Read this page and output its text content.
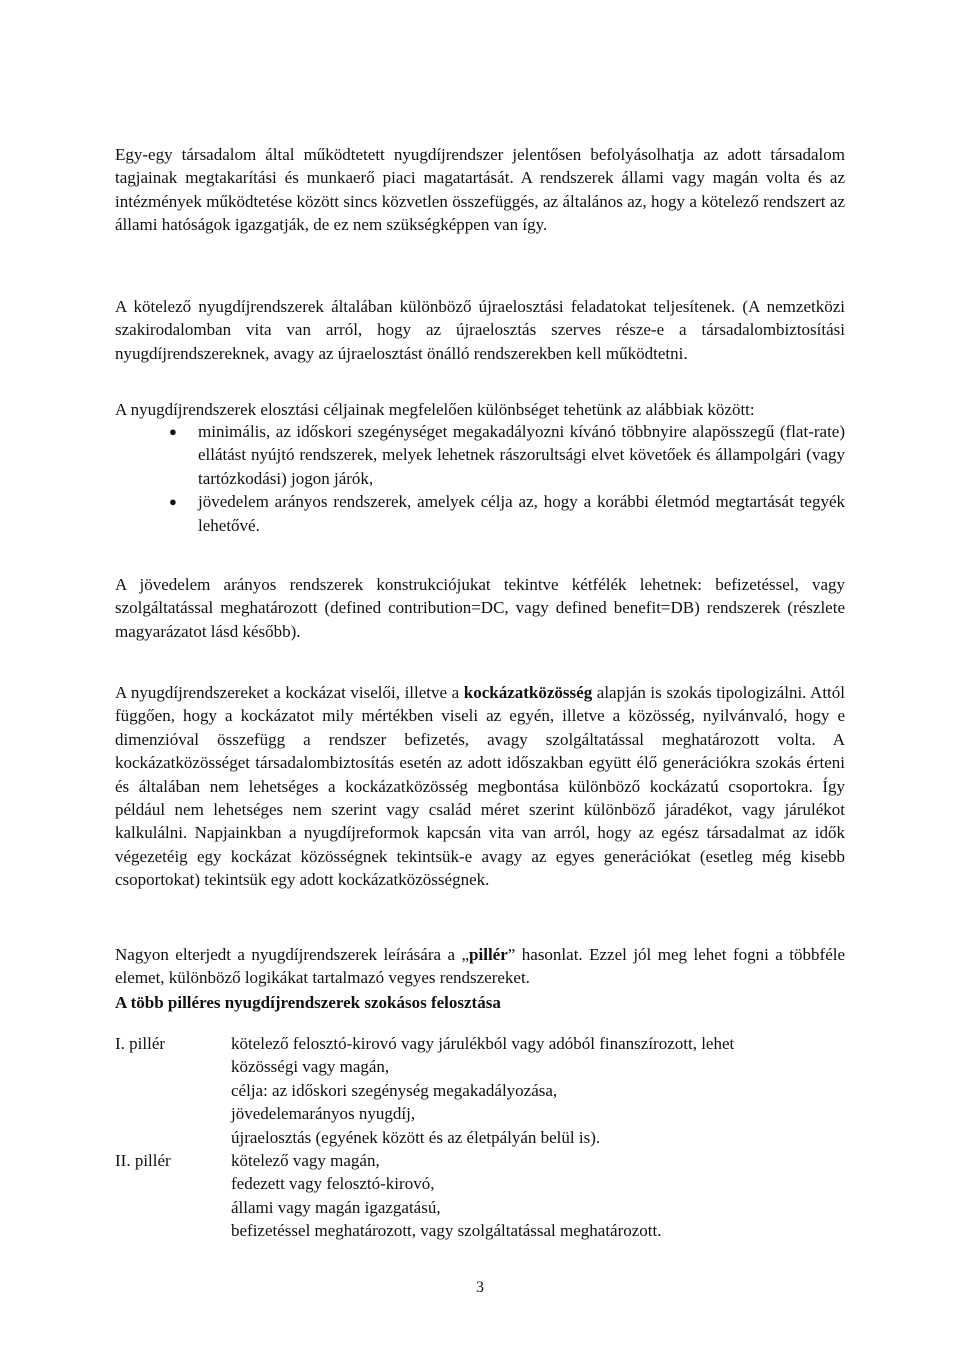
Egy-egy társadalom által működtetett nyugdíjrendszer jelentősen befolyásolhatja az adott társadalom tagjainak megtakarítási és munkaerő piaci magatartását. A rendszerek állami vagy magán volta és az intézmények működtetése között sincs közvetlen összefüggés, az általános az, hogy a kötelező rendszert az állami hatóságok igazgatják, de ez nem szükségképpen van így.

A kötelező nyugdíjrendszerek általában különböző újraelosztási feladatokat teljesítenek. (A nemzetközi szakirodalomban vita van arról, hogy az újraelosztás szerves része-e a társadalombiztosítási nyugdíjrendszereknek, avagy az újraelosztást önálló rendszerekben kell működtetni.

A nyugdíjrendszerek elosztási céljainak megfelelően különbséget tehetünk az alábbiak között:

● minimális, az időskori szegénységet megakadályozni kívánó többnyire alapösszegű (flat-rate) ellátást nyújtó rendszerek, melyek lehetnek rászorultsági elvet követőek és állampolgári (vagy tartózkodási) jogon járók,
● jövedelem arányos rendszerek, amelyek célja az, hogy a korábbi életmód megtartását tegyék lehetővé.

A jövedelem arányos rendszerek konstrukciójukat tekintve kétfélék lehetnek: befizetéssel, vagy szolgáltatással meghatározott (defined contribution=DC, vagy defined benefit=DB) rendszerek (részlete magyarázatot lásd később).

A nyugdíjrendszereket a kockázat viselői, illetve a kockázatközösség alapján is szokás tipologizálni. Attól függően, hogy a kockázatot mily mértékben viseli az egyén, illetve a közösség, nyilvánvaló, hogy e dimenzióval összefügg a rendszer befizetés, avagy szolgáltatással meghatározott volta. A kockázatközösséget társadalombiztosítás esetén az adott időszakban együtt élő generációkra szokás érteni és általában nem lehetséges a kockázatközösség megbontása különböző kockázatú csoportokra. Így például nem lehetséges nem szerint vagy család méret szerint különböző járadékot, vagy járulékot kalkulálni. Napjainkban a nyugdíjreformok kapcsán vita van arról, hogy az egész társadalmat az idők végezetéig egy kockázat közösségnek tekintsük-e avagy az egyes generációkat (esetleg még kisebb csoportokat) tekintsük egy adott kockázatközösségnek.

Nagyon elterjedt a nyugdíjrendszerek leírására a „pillér” hasonlat. Ezzel jól meg lehet fogni a többféle elemet, különböző logikákat tartalmazó vegyes rendszereket.

A több pilléres nyugdíjrendszerek szokásos felosztása
I. pillér	kötelező felosztó-kirovó vagy járulékból vagy adóból finanszírozott, lehet
közösségi vagy magán,
célja: az időskori szegénység megakadályozása,
jövedelemarányos nyugdíj,
újraelosztás (egyének között és az életpályán belül is).
II. pillér	kötelező vagy magán,
fedezett vagy felosztó-kirovó,
állami vagy magán igazgatású,
befizetéssel meghatározott, vagy szolgáltatással meghatározott.
3
